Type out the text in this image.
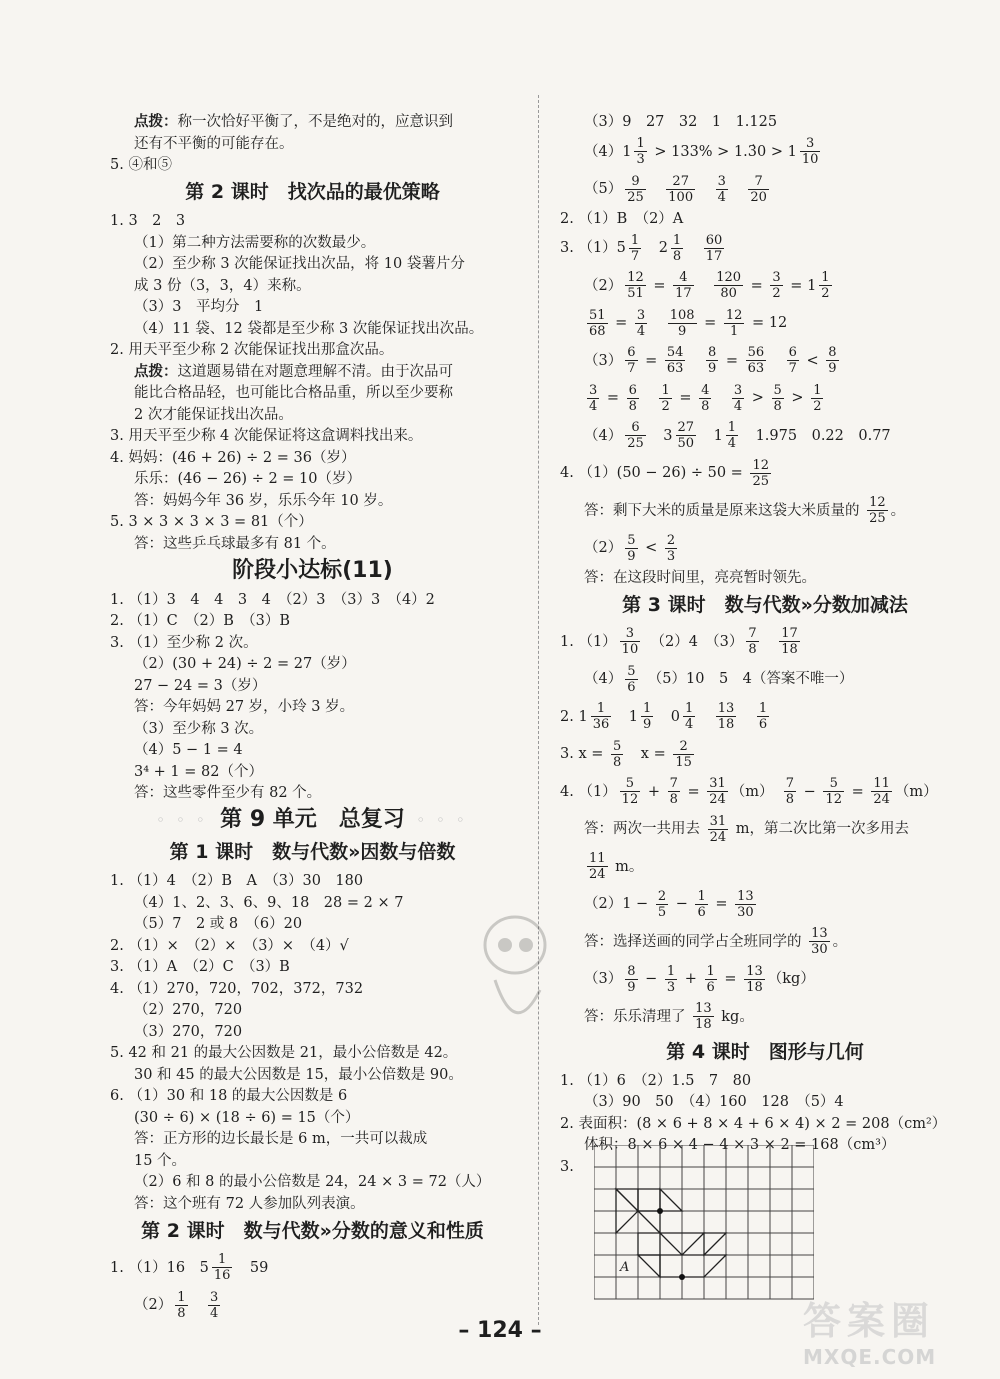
点拨：称一次恰好平衡了，不是绝对的，应意识到
还有不平衡的可能存在。
5. ④和⑤
第 2 课时　找次品的最优策略
1. 3　2　3
（1）第二种方法需要称的次数最少。
（2）至少称 3 次能保证找出次品，将 10 袋薯片分
成 3 份（3，3，4）来称。
（3）3　平均分　1
（4）11 袋、12 袋都是至少称 3 次能保证找出次品。
2. 用天平至少称 2 次能保证找出那盒次品。
点拨：这道题易错在对题意理解不清。由于次品可
能比合格品轻，也可能比合格品重，所以至少要称
2 次才能保证找出次品。
3. 用天平至少称 4 次能保证将这盒调料找出来。
4. 妈妈：(46 + 26) ÷ 2 = 36（岁）
乐乐：(46 − 26) ÷ 2 = 10（岁）
答：妈妈今年 36 岁，乐乐今年 10 岁。
5. 3 × 3 × 3 × 3 = 81（个）
答：这些乒乓球最多有 81 个。
阶段小达标(11)
1. （1）3　4　4　3　4　（2）3　（3）3　（4）2
2. （1）C　（2）B　（3）B
3. （1）至少称 2 次。
（2）(30 + 24) ÷ 2 = 27（岁）
27 − 24 = 3（岁）
答：今年妈妈 27 岁，小玲 3 岁。
（3）至少称 3 次。
（4）5 − 1 = 4
3⁴ + 1 = 82（个）
答：这些零件至少有 82 个。
◦ ◦ ◦ 第 9 单元　总复习 ◦ ◦ ◦
第 1 课时　数与代数»因数与倍数
1. （1）4　（2）B　A　（3）30　180
（4）1、2、3、6、9、18　28 = 2 × 7
（5）7　2 或 8　（6）20
2. （1）×　（2）×　（3）×　（4）√
3. （1）A　（2）C　（3）B
4. （1）270，720，702，372，732
（2）270，720
（3）270，720
5. 42 和 21 的最大公因数是 21，最小公倍数是 42。
30 和 45 的最大公因数是 15，最小公倍数是 90。
6. （1）30 和 18 的最大公因数是 6
(30 ÷ 6) × (18 ÷ 6) = 15（个）
答：正方形的边长最长是 6 m，一共可以裁成
15 个。
（2）6 和 8 的最小公倍数是 24，24 × 3 = 72（人）
答：这个班有 72 人参加队列表演。
第 2 课时　数与代数»分数的意义和性质
1. （1）16　$5 \frac{1}{16}$ 　59
$(2) \frac{1}{8}$
　 $\frac{3}{4}$
（3）9　27　32　1　1.125
$(4)1 \frac{1}{3} > 133\%$ > 1.3̇0 > $1 \frac{3}{10}$
$(5) \frac{9}{25}$
　 $\frac{27}{100}$
　 $\frac{3}{4}$
　 $\frac{7}{20}$
2. （1）B　（2）A
3. $(1)5 \frac{1}{7}$
　 $2 \frac{1}{8}$
　 $\frac{60}{17}$
$(2) \frac{12}{51} = \frac{4}{17}$
　 $\frac{120}{80} = \frac{3}{2} = 1 \frac{1}{2}$
$\frac{51}{68} = \frac{3}{4}$
　 $\frac{108}{9} = \frac{12}{1} = 12$
$(3) \frac{6}{7} = \frac{54}{63}$
　 $\frac{8}{9} = \frac{56}{63}$
　 $\frac{6}{7} < \frac{8}{9}$
$\frac{3}{4} = \frac{6}{8}$
　 $\frac{1}{2} = \frac{4}{8}$
　 $\frac{3}{4} > \frac{5}{8} > \frac{1}{2}$
$(4) \frac{6}{25}$
　 $3 \frac{27}{50}$
　 $1 \frac{1}{4}$ 　1.975　0.22　0.77
4. $(1)(50 - 26) \div 50 = \frac{12}{25}$
答：剩下大米的质量是原来这袋大米质量的 $\frac{12}{25}$ 。
$(2) \frac{5}{9} < \frac{2}{3}$
答：在这段时间里，亮亮暂时领先。
第 3 课时　数与代数»分数加减法
1. $(1) \frac{3}{10}$ 　（2）4　$(3) \frac{7}{8}$
　 $\frac{17}{18}$
$(4) \frac{5}{6}$ 　（5）10　5　4（答案不唯一）
2. $1 \frac{1}{36}$
　 $1 \frac{1}{9}$
　 $0 \frac{1}{4}$
　 $\frac{13}{18}$
　 $\frac{1}{6}$
3. $x = \frac{5}{8}$ 　$x = \frac{2}{15}$
4. $(1) \frac{5}{12} + \frac{7}{8} = \frac{31}{24} (m)$　 $\frac{7}{8} - \frac{5}{12} = \frac{11}{24} (m)$
答：两次一共用去 $\frac{31}{24}$ m，第二次比第一次多用去
$\frac{11}{24}$ m。
$(2)1 - \frac{2}{5} - \frac{1}{6} = \frac{13}{30}$
答：选择送画的同学占全班同学的 $\frac{13}{30}$ 。
$(3) \frac{8}{9} - \frac{1}{3} + \frac{1}{6} = \frac{13}{18} (kg)$
答：乐乐清理了 $\frac{13}{18}$ kg。
第 4 课时　图形与几何
1. （1）6　（2）1.5　7　80
（3）90　50　（4）160　128　（5）4
2. 表面积：(8 × 6 + 8 × 4 + 6 × 4) × 2 = 208（cm²）
体积：8 × 6 × 4 − 4 × 3 × 2 = 168（cm³）
3.
A
– 124 –	答案圈
MXQE.COM
